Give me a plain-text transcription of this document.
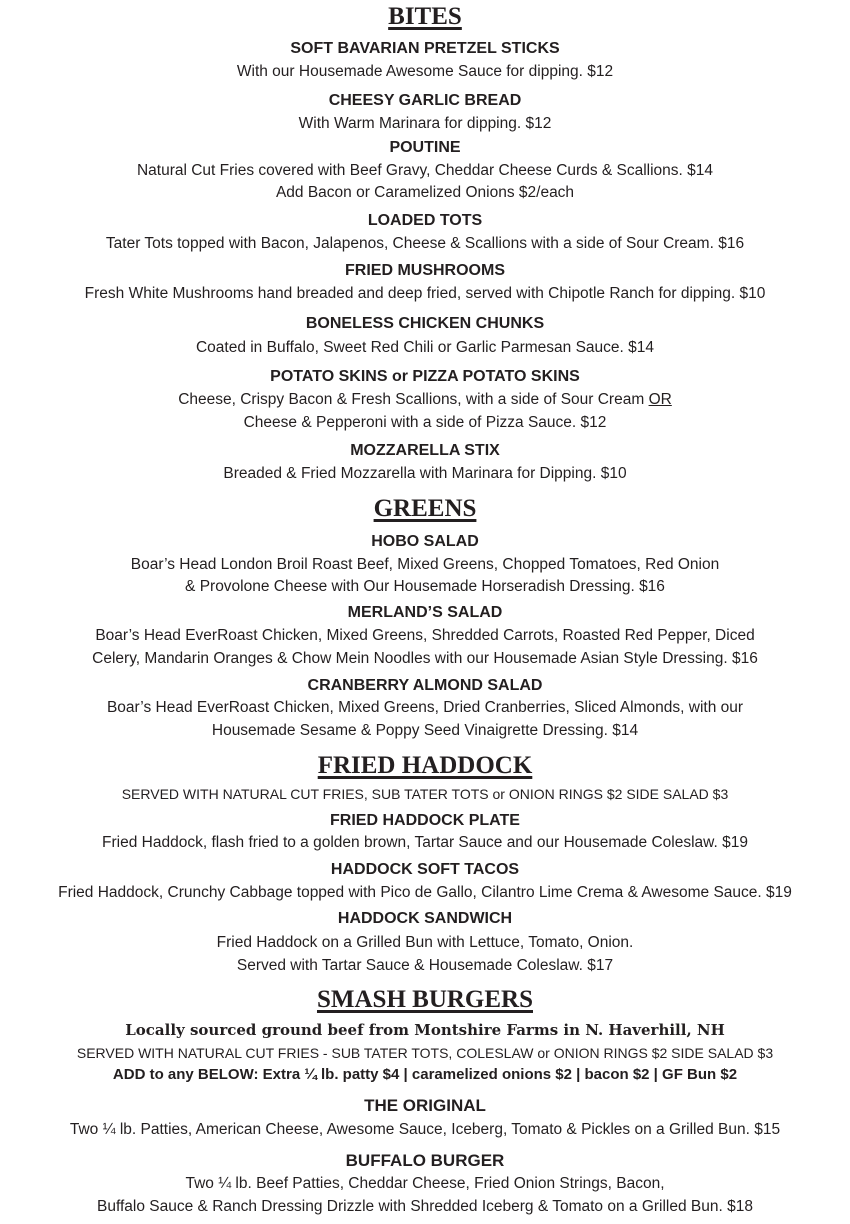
BITES
SOFT BAVARIAN PRETZEL STICKS
With our Housemade Awesome Sauce for dipping. $12
CHEESY GARLIC BREAD
With Warm Marinara for dipping. $12
POUTINE
Natural Cut Fries covered with Beef Gravy, Cheddar Cheese Curds & Scallions. $14
Add Bacon or Caramelized Onions $2/each
LOADED TOTS
Tater Tots topped with Bacon, Jalapenos, Cheese & Scallions with a side of Sour Cream. $16
FRIED MUSHROOMS
Fresh White Mushrooms hand breaded and deep fried, served with Chipotle Ranch for dipping. $10
BONELESS CHICKEN CHUNKS
Coated in Buffalo, Sweet Red Chili or Garlic Parmesan Sauce. $14
POTATO SKINS or PIZZA POTATO SKINS
Cheese, Crispy Bacon & Fresh Scallions, with a side of Sour Cream OR
Cheese & Pepperoni with a side of Pizza Sauce. $12
MOZZARELLA STIX
Breaded & Fried Mozzarella with Marinara for Dipping. $10
GREENS
HOBO SALAD
Boar’s Head London Broil Roast Beef, Mixed Greens, Chopped Tomatoes, Red Onion
& Provolone Cheese with Our Housemade Horseradish Dressing. $16
MERLAND’S SALAD
Boar’s Head EverRoast Chicken, Mixed Greens, Shredded Carrots, Roasted Red Pepper, Diced
Celery, Mandarin Oranges & Chow Mein Noodles with our Housemade Asian Style Dressing. $16
CRANBERRY ALMOND SALAD
Boar’s Head EverRoast Chicken, Mixed Greens, Dried Cranberries, Sliced Almonds, with our
Housemade Sesame & Poppy Seed Vinaigrette Dressing. $14
FRIED HADDOCK
SERVED WITH NATURAL CUT FRIES, SUB TATER TOTS or ONION RINGS $2 SIDE SALAD $3
FRIED HADDOCK PLATE
Fried Haddock, flash fried to a golden brown, Tartar Sauce and our Housemade Coleslaw. $19
HADDOCK SOFT TACOS
Fried Haddock, Crunchy Cabbage topped with Pico de Gallo, Cilantro Lime Crema & Awesome Sauce. $19
HADDOCK SANDWICH
Fried Haddock on a Grilled Bun with Lettuce, Tomato, Onion.
Served with Tartar Sauce & Housemade Coleslaw. $17
SMASH BURGERS
Locally sourced ground beef from Montshire Farms in N. Haverhill, NH
SERVED WITH NATURAL CUT FRIES - SUB TATER TOTS, COLESLAW or ONION RINGS $2 SIDE SALAD $3
ADD to any BELOW: Extra ¼ lb. patty $4 | caramelized onions $2 | bacon $2 | GF Bun $2
THE ORIGINAL
Two ¼ lb. Patties, American Cheese, Awesome Sauce, Iceberg, Tomato & Pickles on a Grilled Bun. $15
BUFFALO BURGER
Two ¼ lb. Beef Patties, Cheddar Cheese, Fried Onion Strings, Bacon,
Buffalo Sauce & Ranch Dressing Drizzle with Shredded Iceberg & Tomato on a Grilled Bun. $18
